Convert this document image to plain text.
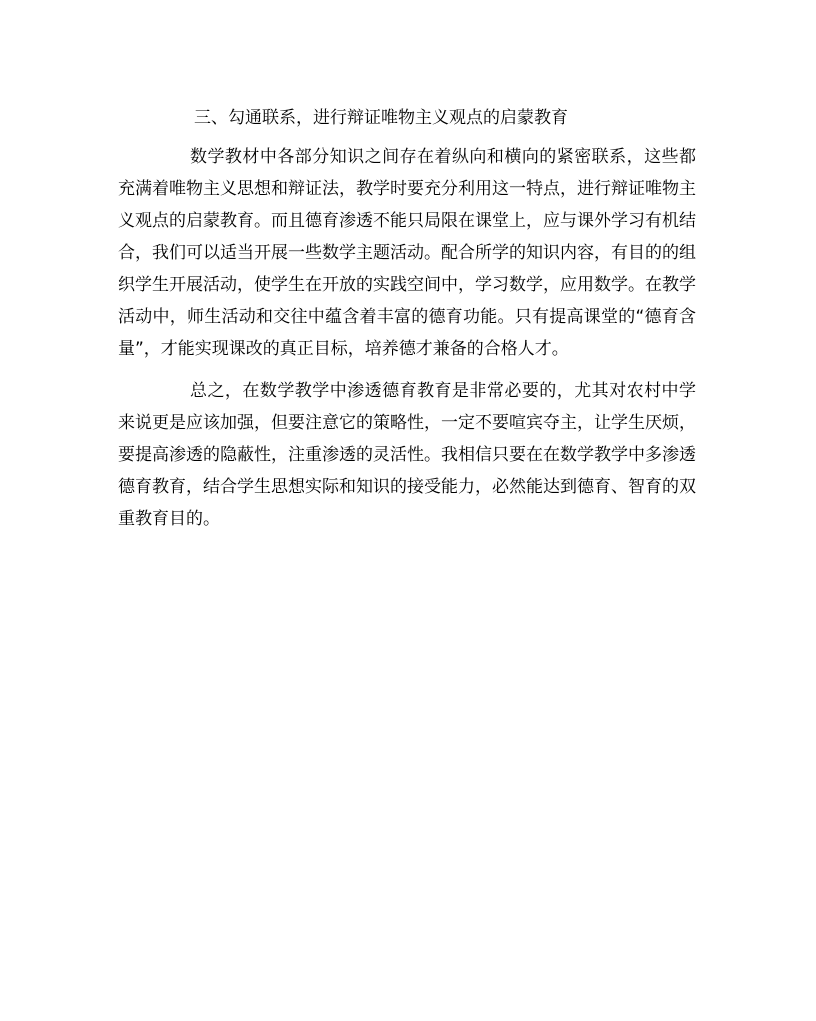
三、勾通联系，进行辩证唯物主义观点的启蒙教育

数学教材中各部分知识之间存在着纵向和横向的紧密联系，这些都充满着唯物主义思想和辩证法，教学时要充分利用这一特点，进行辩证唯物主义观点的启蒙教育。而且德育渗透不能只局限在课堂上，应与课外学习有机结合，我们可以适当开展一些数学主题活动。配合所学的知识内容，有目的的组织学生开展活动，使学生在开放的实践空间中，学习数学，应用数学。在教学活动中，师生活动和交往中蕴含着丰富的德育功能。只有提高课堂的“德育含量”，才能实现课改的真正目标，培养德才兼备的合格人才。

总之，在数学教学中渗透德育教育是非常必要的，尤其对农村中学来说更是应该加强，但要注意它的策略性，一定不要喧宾夺主，让学生厌烦，要提高渗透的隐蔽性，注重渗透的灵活性。我相信只要在在数学教学中多渗透德育教育，结合学生思想实际和知识的接受能力，必然能达到德育、智育的双重教育目的。
